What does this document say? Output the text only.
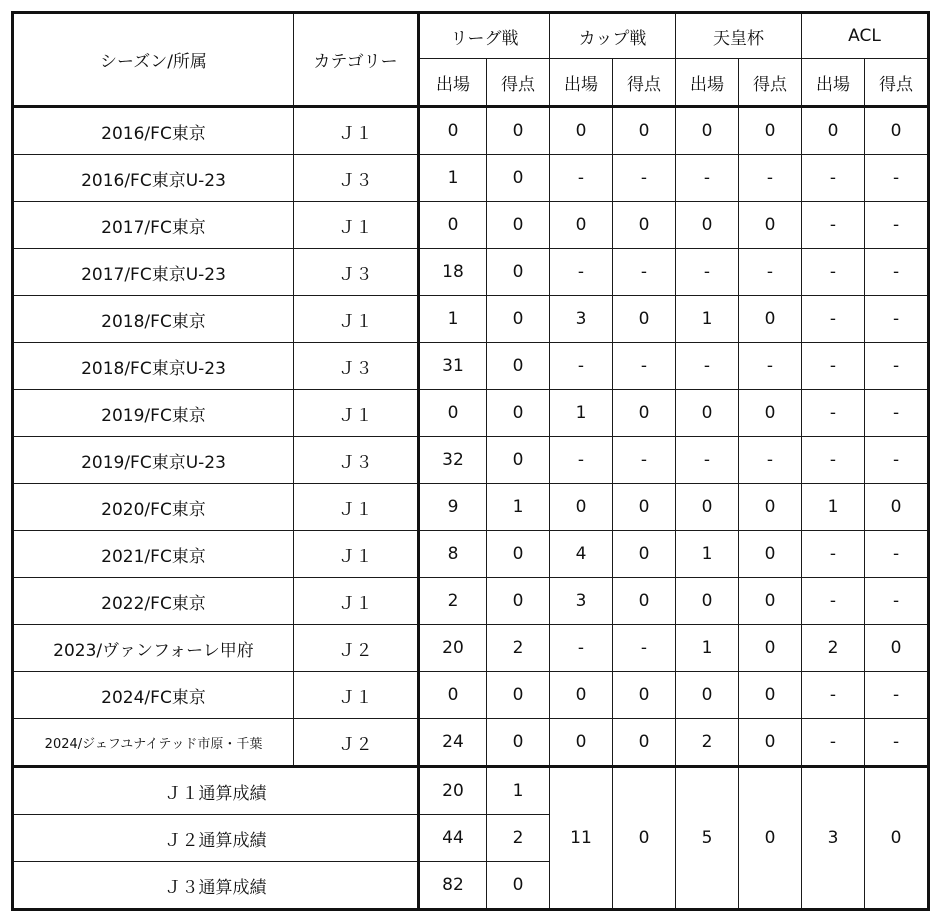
シーズン/所属	カテゴリー	リーグ戦		カップ戦		天皇杯		ACL	
		出場	得点	出場	得点	出場	得点	出場	得点
2016/FC東京	Ｊ１	0	0	0	0	0	0	0	0
2016/FC東京U-23	Ｊ３	1	0	-	-	-	-	-	-
2017/FC東京	Ｊ１	0	0	0	0	0	0	-	-
2017/FC東京U-23	Ｊ３	18	0	-	-	-	-	-	-
2018/FC東京	Ｊ１	1	0	3	0	1	0	-	-
2018/FC東京U-23	Ｊ３	31	0	-	-	-	-	-	-
2019/FC東京	Ｊ１	0	0	1	0	0	0	-	-
2019/FC東京U-23	Ｊ３	32	0	-	-	-	-	-	-
2020/FC東京	Ｊ１	9	1	0	0	0	0	1	0
2021/FC東京	Ｊ１	8	0	4	0	1	0	-	-
2022/FC東京	Ｊ１	2	0	3	0	0	0	-	-
2023/ヴァンフォーレ甲府	Ｊ２	20	2	-	-	1	0	2	0
2024/FC東京	Ｊ１	0	0	0	0	0	0	-	-
2024/ジェフユナイテッド市原・千葉	Ｊ２	24	0	0	0	2	0	-	-
Ｊ１通算成績		20	1	11	0	5	0	3	0
Ｊ２通算成績		44	2						
Ｊ３通算成績		82	0						
